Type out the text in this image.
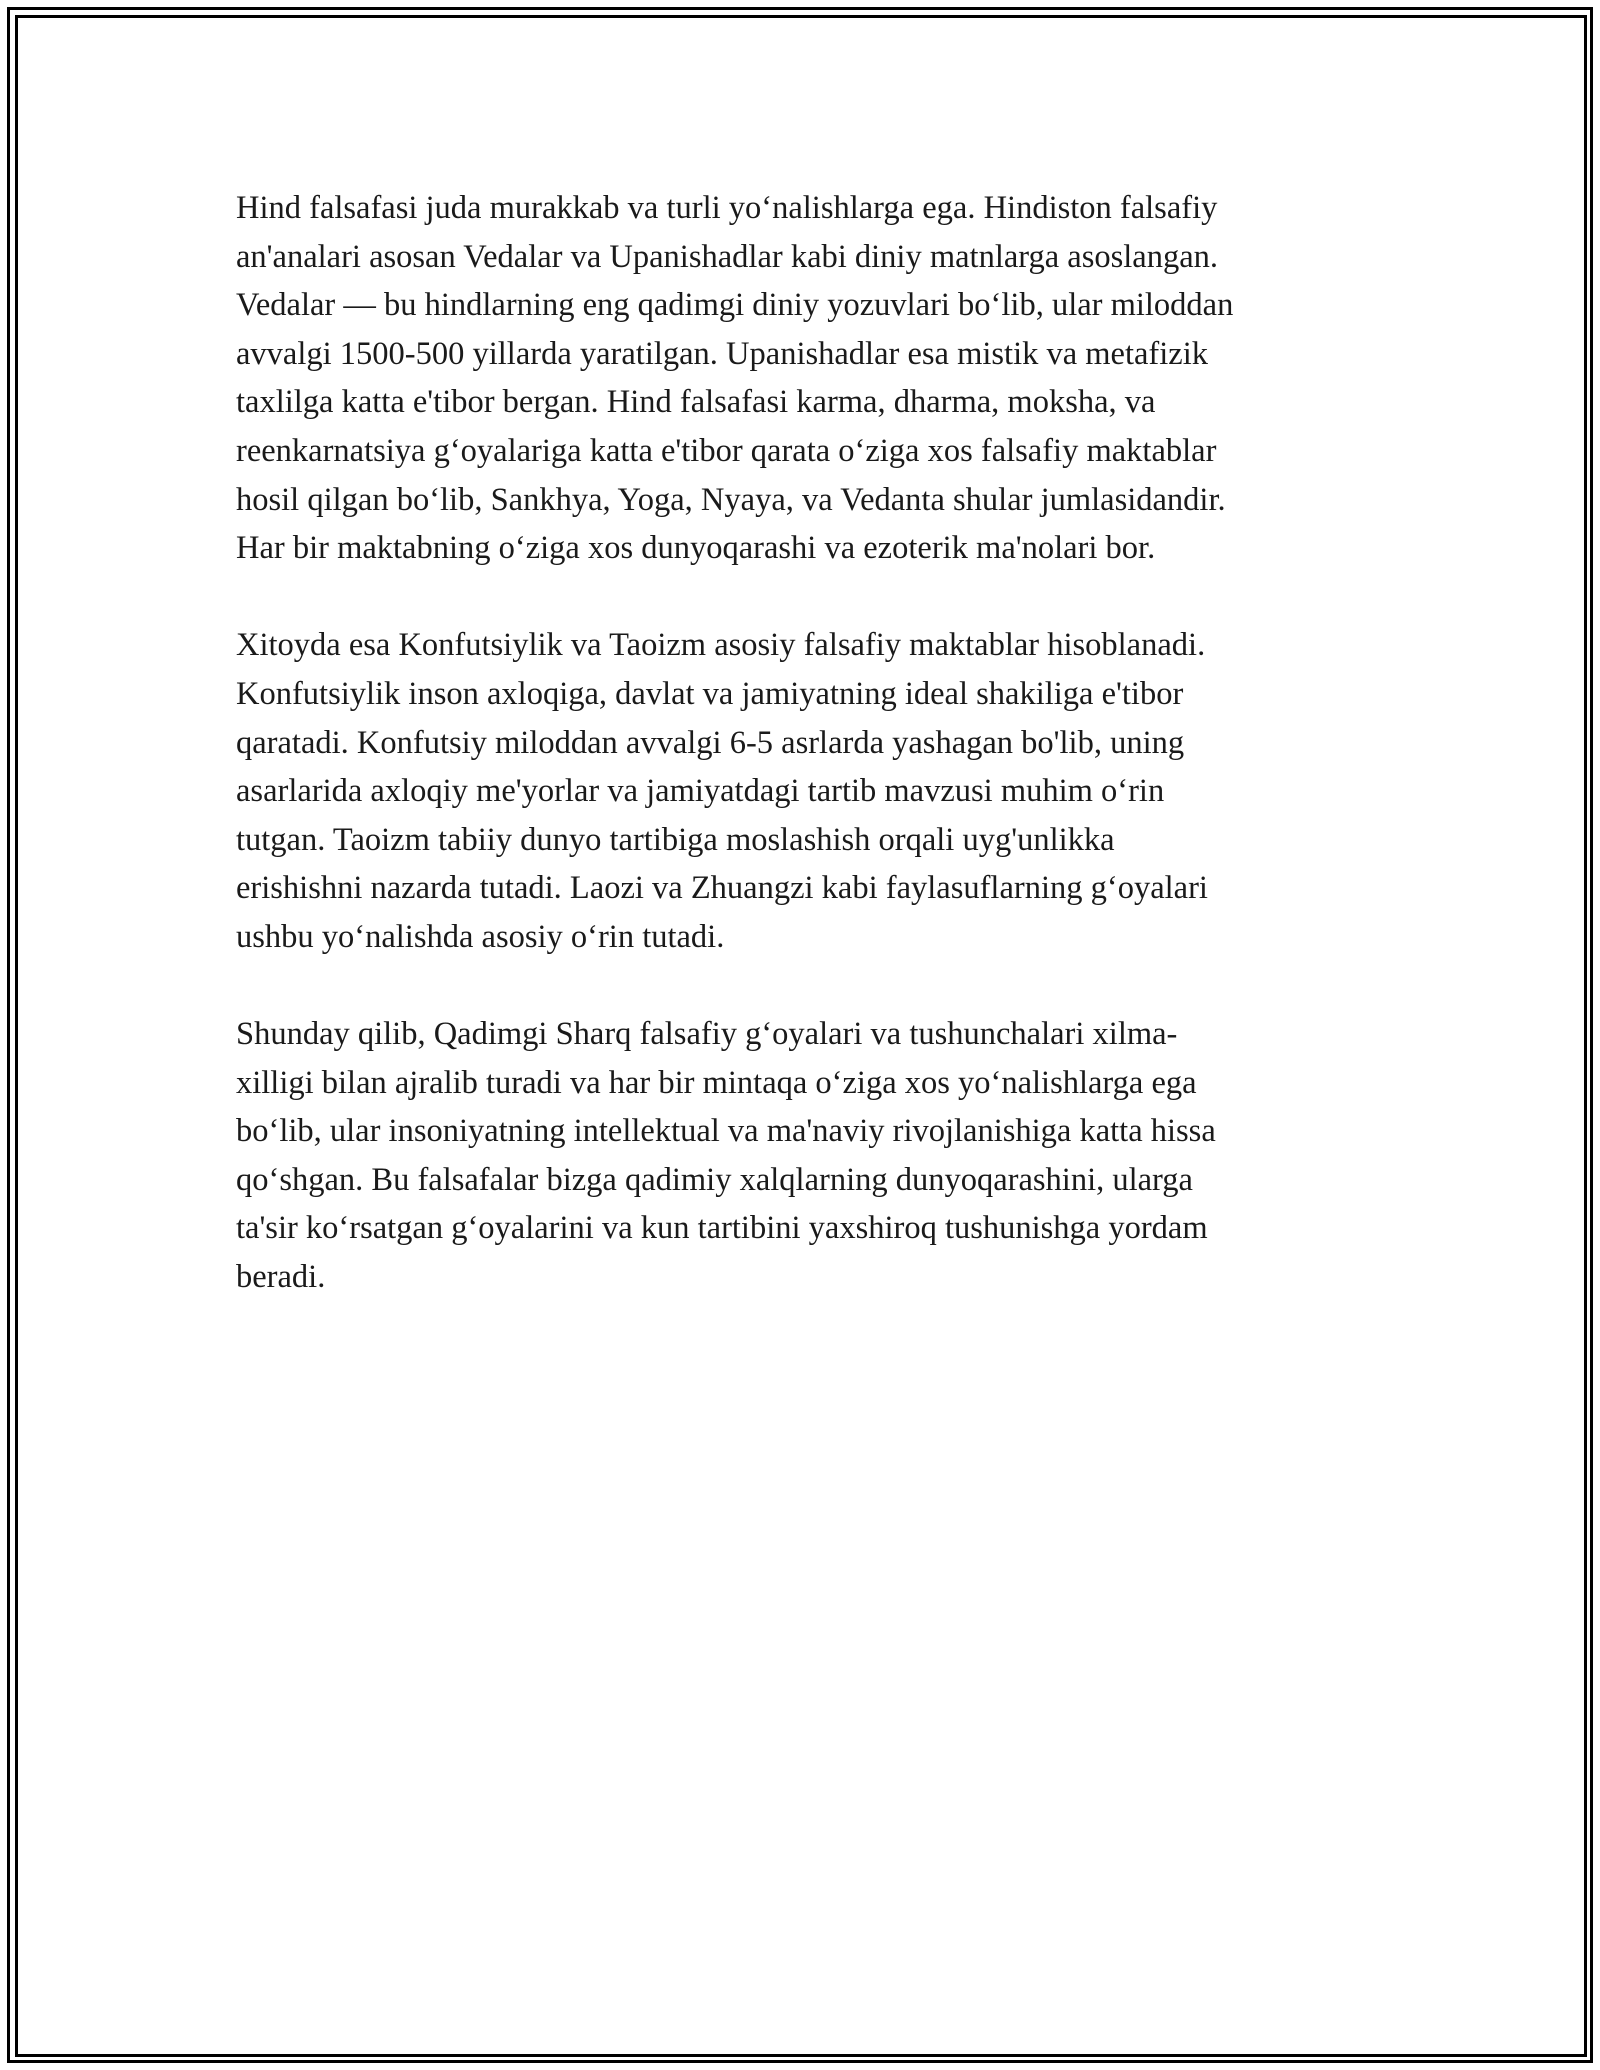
Hind falsafasi juda murakkab va turli yo‘nalishlarga ega. Hindiston falsafiy
an'analari asosan Vedalar va Upanishadlar kabi diniy matnlarga asoslangan.
Vedalar — bu hindlarning eng qadimgi diniy yozuvlari bo‘lib, ular miloddan
avvalgi 1500-500 yillarda yaratilgan. Upanishadlar esa mistik va metafizik
taxlilga katta e'tibor bergan. Hind falsafasi karma, dharma, moksha, va
reenkarnatsiya g‘oyalariga katta e'tibor qarata o‘ziga xos falsafiy maktablar
hosil qilgan bo‘lib, Sankhya, Yoga, Nyaya, va Vedanta shular jumlasidandir.
Har bir maktabning o‘ziga xos dunyoqarashi va ezoterik ma'nolari bor.

Xitoyda esa Konfutsiylik va Taoizm asosiy falsafiy maktablar hisoblanadi.
Konfutsiylik inson axloqiga, davlat va jamiyatning ideal shakiliga e'tibor
qaratadi. Konfutsiy miloddan avvalgi 6-5 asrlarda yashagan bo'lib, uning
asarlarida axloqiy me'yorlar va jamiyatdagi tartib mavzusi muhim o‘rin
tutgan. Taoizm tabiiy dunyo tartibiga moslashish orqali uyg'unlikka
erishishni nazarda tutadi. Laozi va Zhuangzi kabi faylasuflarning g‘oyalari
ushbu yo‘nalishda asosiy o‘rin tutadi.

Shunday qilib, Qadimgi Sharq falsafiy g‘oyalari va tushunchalari xilma-
xilligi bilan ajralib turadi va har bir mintaqa o‘ziga xos yo‘nalishlarga ega
bo‘lib, ular insoniyatning intellektual va ma'naviy rivojlanishiga katta hissa
qo‘shgan. Bu falsafalar bizga qadimiy xalqlarning dunyoqarashini, ularga
ta'sir ko‘rsatgan g‘oyalarini va kun tartibini yaxshiroq tushunishga yordam
beradi.
